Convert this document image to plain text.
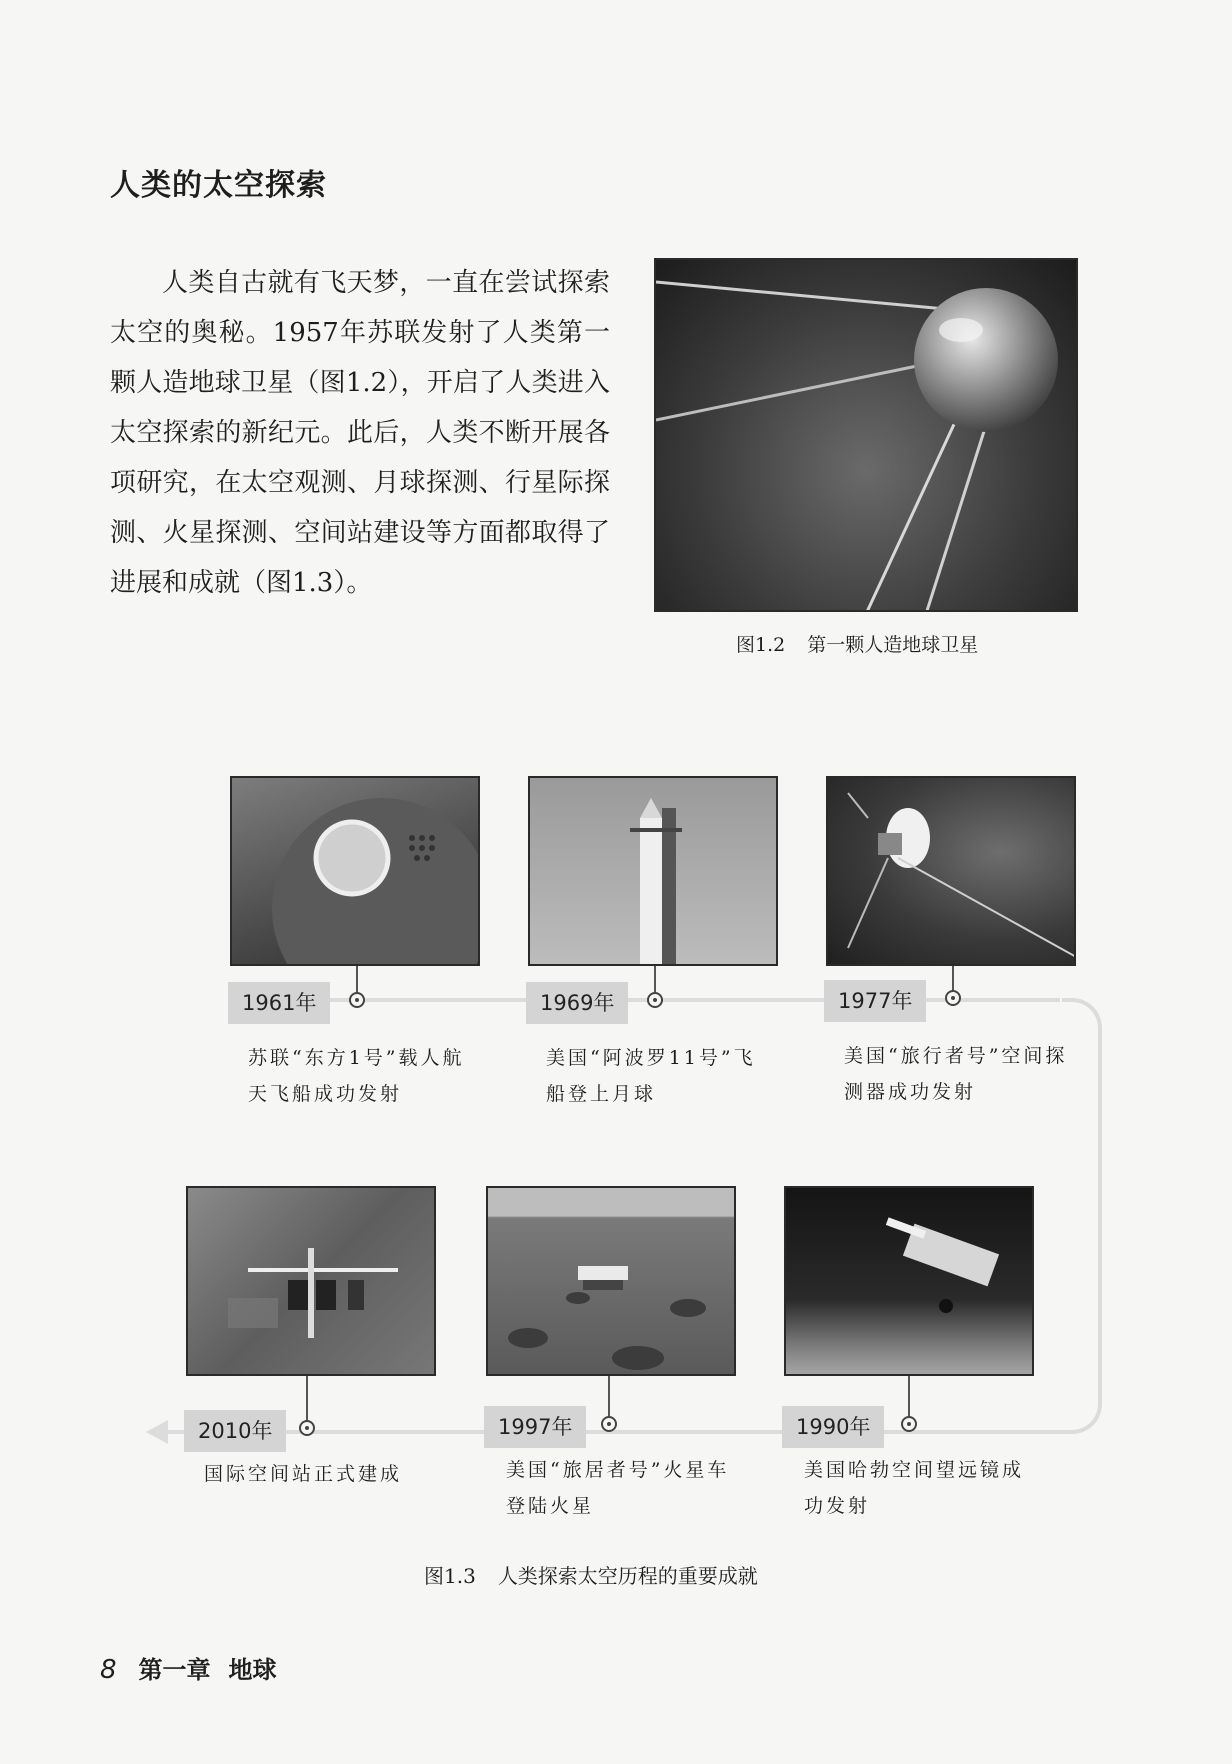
人类的太空探索

人类自古就有飞天梦，一直在尝试探索太空的奥秘。1957年苏联发射了人类第一颗人造地球卫星（图1.2），开启了人类进入太空探索的新纪元。此后，人类不断开展各项研究，在太空观测、月球探测、行星际探测、火星探测、空间站建设等方面都取得了进展和成就（图1.3）。

图1.2 第一颗人造地球卫星
1961年
苏联“东方1号”载人航天飞船成功发射
1969年
美国“阿波罗11号”飞船登上月球
1977年
美国“旅行者号”空间探测器成功发射
2010年
国际空间站正式建成
1997年
美国“旅居者号”火星车登陆火星
1990年
美国哈勃空间望远镜成功发射
图1.3 人类探索太空历程的重要成就
8 第一章 地球
